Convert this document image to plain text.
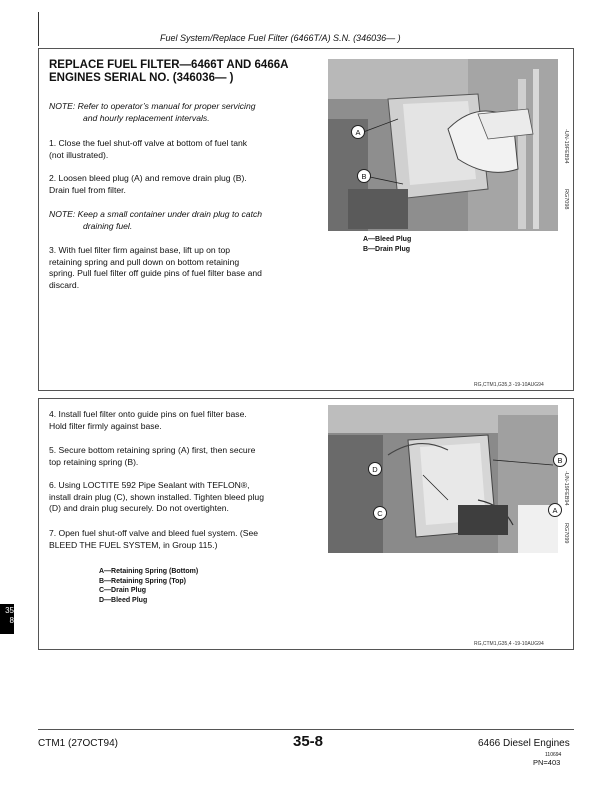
Fuel System/Replace Fuel Filter (6466T/A) S.N. (346036— )
REPLACE FUEL FILTER—6466T AND 6466A
ENGINES SERIAL NO. (346036— )
NOTE: Refer to operator’s manual for proper servicing
and hourly replacement intervals.
1. Close the fuel shut-off valve at bottom of fuel tank
(not illustrated).
2. Loosen bleed plug (A) and remove drain plug (B).
Drain fuel from filter.
NOTE: Keep a small container under drain plug to catch
draining fuel.
3. With fuel filter firm against base, lift up on top
retaining spring and pull down on bottom retaining
spring. Pull fuel filter off guide pins of fuel filter base and
discard.
A
B
-UN-19FEB94
RG7098
A—Bleed Plug
B—Drain Plug
RG,CTM1,G35,3 -19-10AUG94
4. Install fuel filter onto guide pins on fuel filter base.
Hold filter firmly against base.
5. Secure bottom retaining spring (A) first, then secure
top retaining spring (B).
6. Using LOCTITE 592 Pipe Sealant with TEFLON®,
install drain plug (C), shown installed. Tighten bleed plug
(D) and drain plug securely. Do not overtighten.
7. Open fuel shut-off valve and bleed fuel system. (See
BLEED THE FUEL SYSTEM, in Group 115.)
A—Retaining Spring (Bottom)
B—Retaining Spring (Top)
C—Drain Plug
D—Bleed Plug
D
B
C	A
-UN-19FEB94
RG7099
RG,CTM1,G35,4 -19-10AUG94
35
8
CTM1 (27OCT94)	35-8	6466 Diesel Engines
110694
PN=403
